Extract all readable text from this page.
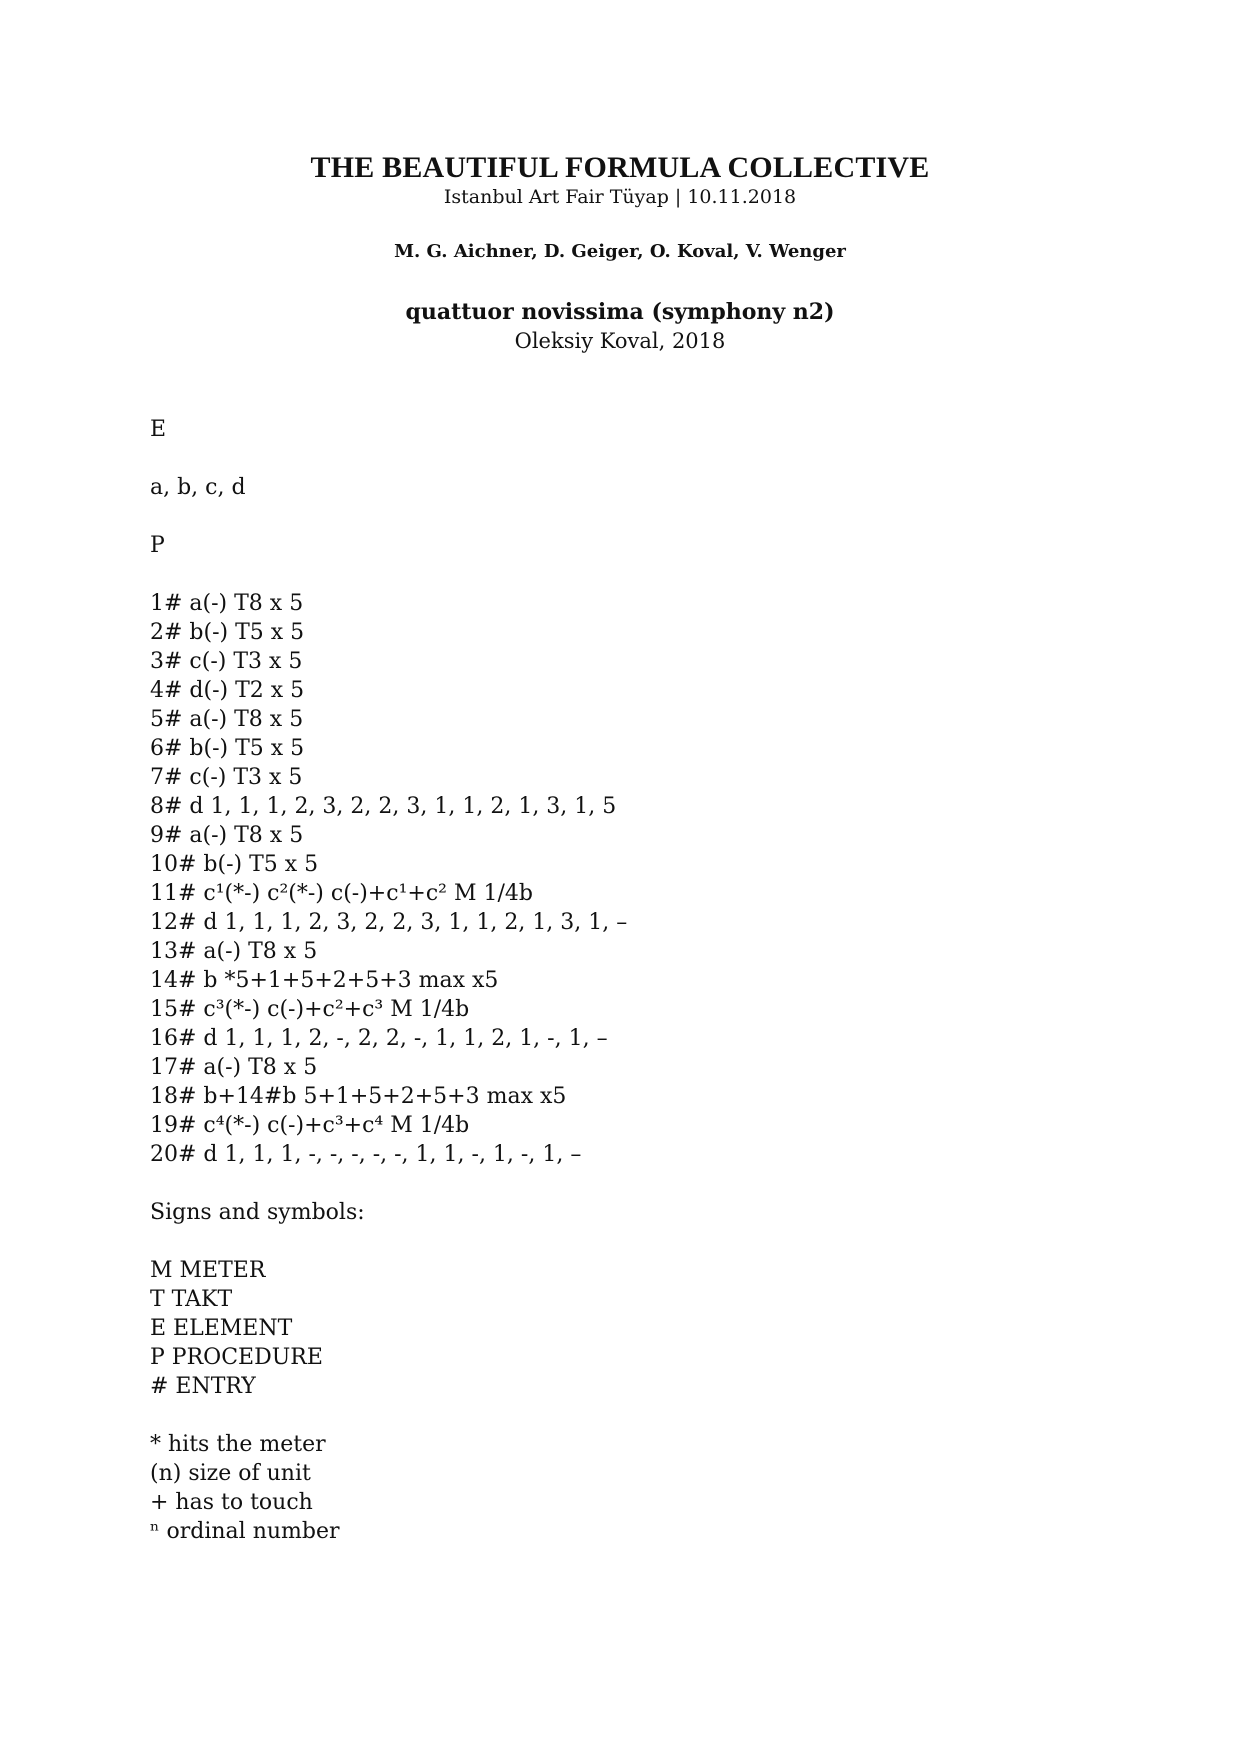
THE BEAUTIFUL FORMULA COLLECTIVE
Istanbul Art Fair Tüyap | 10.11.2018
M. G. Aichner, D. Geiger, O. Koval, V. Wenger
quattuor novissima (symphony n2)
Oleksiy Koval, 2018
E
a, b, c, d
P
1# a(-) T8 x 5
2# b(-) T5 x 5
3# c(-) T3 x 5
4# d(-) T2 x 5
5# a(-) T8 x 5
6# b(-) T5 x 5
7# c(-) T3 x 5
8# d 1, 1, 1, 2, 3, 2, 2, 3, 1, 1, 2, 1, 3, 1, 5
9# a(-) T8 x 5
10# b(-) T5 x 5
11# c¹(*-) c²(*-) c(-)+c¹+c² M 1/4b
12# d 1, 1, 1, 2, 3, 2, 2, 3, 1, 1, 2, 1, 3, 1, –
13# a(-) T8 x 5
14# b *5+1+5+2+5+3 max x5
15# c³(*-) c(-)+c²+c³ M 1/4b
16# d 1, 1, 1, 2, -, 2, 2, -, 1, 1, 2, 1, -, 1, –
17# a(-) T8 x 5
18# b+14#b 5+1+5+2+5+3 max x5
19# c⁴(*-) c(-)+c³+c⁴ M 1/4b
20# d 1, 1, 1, -, -, -, -, -, 1, 1, -, 1, -, 1, –
Signs and symbols:
M METER
T TAKT
E ELEMENT
P PROCEDURE
# ENTRY
* hits the meter
(n) size of unit
+ has to touch
ⁿ ordinal number
